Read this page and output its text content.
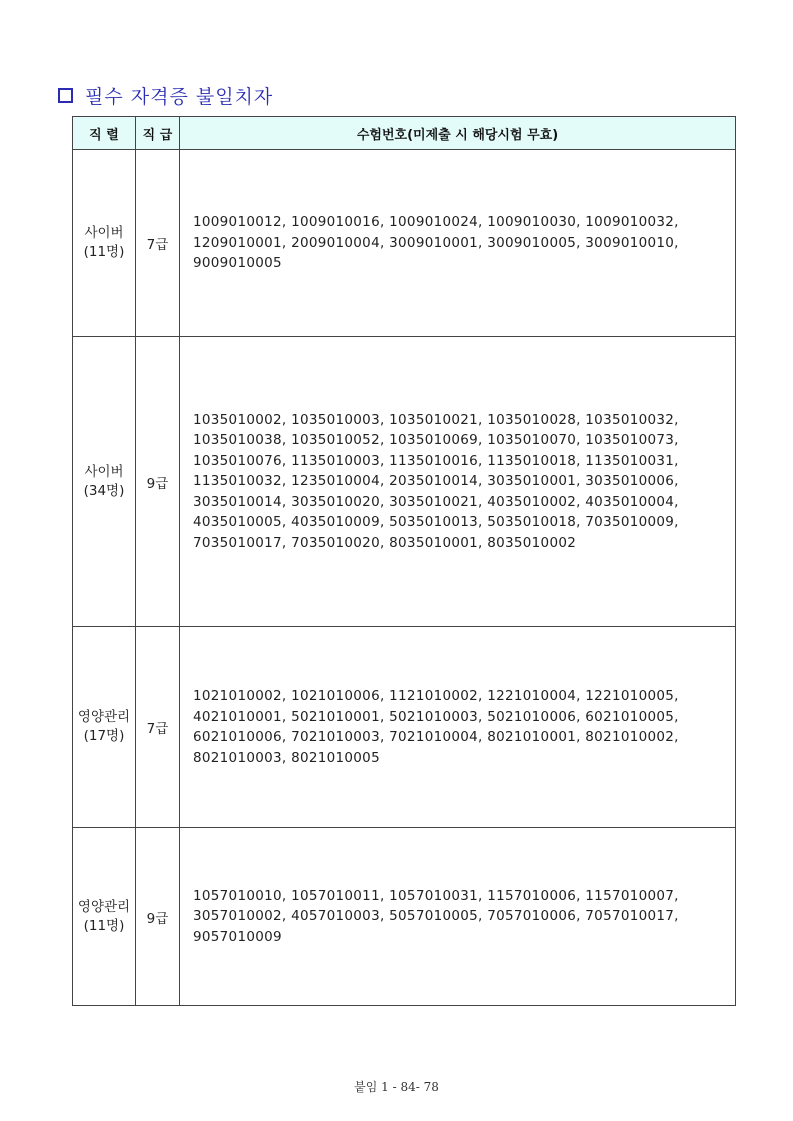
필수 자격증 불일치자
직 렬	직 급	수험번호(미제출 시 해당시험 무효)

사이버
(11명)	7급	1009010012, 1009010016, 1009010024, 1009010030, 1009010032, 1209010001, 2009010004, 3009010001, 3009010005, 3009010010, 9009010005

사이버
(34명)	9급	1035010002, 1035010003, 1035010021, 1035010028, 1035010032, 1035010038, 1035010052, 1035010069, 1035010070, 1035010073, 1035010076, 1135010003, 1135010016, 1135010018, 1135010031, 1135010032, 1235010004, 2035010014, 3035010001, 3035010006, 3035010014, 3035010020, 3035010021, 4035010002, 4035010004, 4035010005, 4035010009, 5035010013, 5035010018, 7035010009, 7035010017, 7035010020, 8035010001, 8035010002

영양관리
(17명)	7급	1021010002, 1021010006, 1121010002, 1221010004, 1221010005, 4021010001, 5021010001, 5021010003, 5021010006, 6021010005, 6021010006, 7021010003, 7021010004, 8021010001, 8021010002, 8021010003, 8021010005

영양관리
(11명)	9급	1057010010, 1057010011, 1057010031, 1157010006, 1157010007, 3057010002, 4057010003, 5057010005, 7057010006, 7057010017, 9057010009
붙임 1 - 84- 78
